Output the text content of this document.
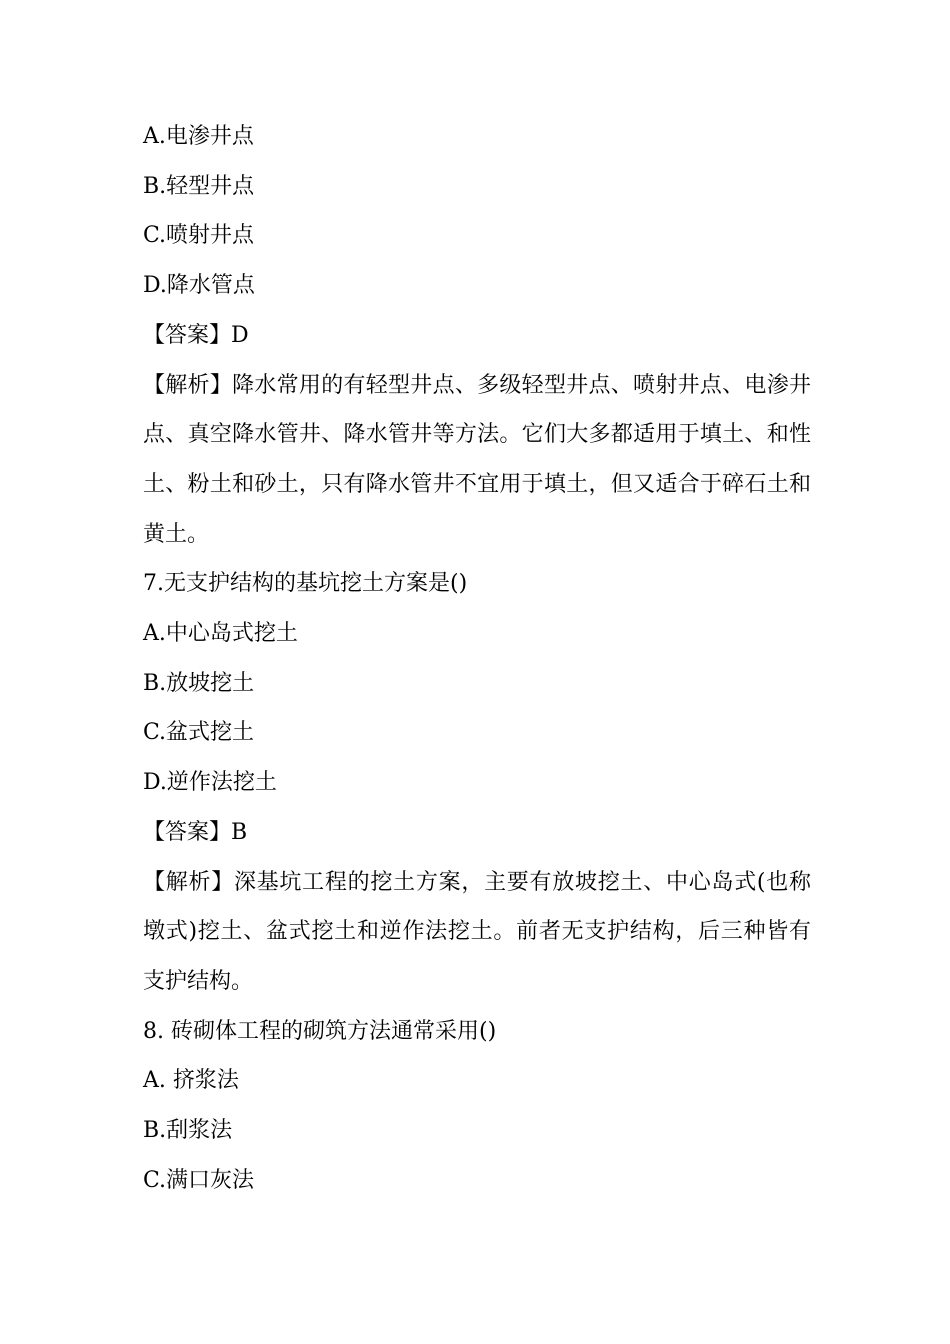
A.电渗井点

B.轻型井点

C.喷射井点

D.降水管点

【答案】D

【解析】降水常用的有轻型井点、多级轻型井点、喷射井点、电渗井点、真空降水管井、降水管井等方法。它们大多都适用于填土、和性土、粉土和砂土，只有降水管井不宜用于填土，但又适合于碎石土和黄土。

7.无支护结构的基坑挖土方案是()

A.中心岛式挖土

B.放坡挖土

C.盆式挖土

D.逆作法挖土

【答案】B

【解析】深基坑工程的挖土方案，主要有放坡挖土、中心岛式(也称墩式)挖土、盆式挖土和逆作法挖土。前者无支护结构，后三种皆有支护结构。

8. 砖砌体工程的砌筑方法通常采用()

A. 挤浆法

B.刮浆法

C.满口灰法
